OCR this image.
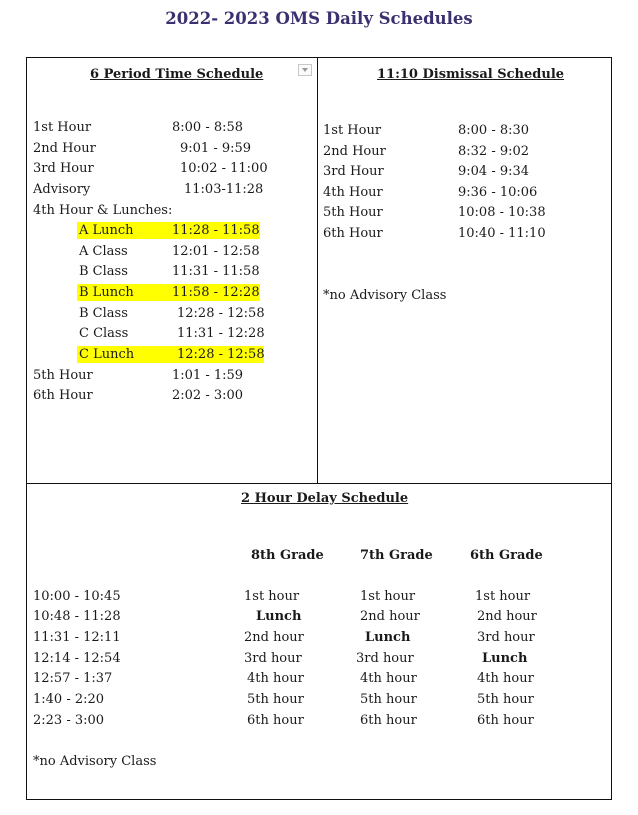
2022- 2023 OMS Daily Schedules
6 Period Time Schedule
1st Hour	8:00 - 8:58
2nd Hour	9:01 - 9:59
3rd Hour	10:02 - 11:00
Advisory	11:03-11:28
4th Hour & Lunches:
A Lunch	11:28 - 11:58
A Class	12:01 - 12:58
B Class	11:31 - 11:58
B Lunch	11:58 - 12:28
B Class	12:28 - 12:58
C Class	11:31 - 12:28
C Lunch	12:28 - 12:58
5th Hour	1:01 - 1:59
6th Hour	2:02 - 3:00
11:10 Dismissal Schedule
1st Hour	8:00 - 8:30
2nd Hour	8:32 - 9:02
3rd Hour	9:04 - 9:34
4th Hour	9:36 - 10:06
5th Hour	10:08 - 10:38
6th Hour	10:40 - 11:10
*no Advisory Class
2 Hour Delay Schedule
8th Grade	7th Grade	6th Grade
10:00 - 10:45	1st hour	1st hour	1st hour
10:48 - 11:28	Lunch	2nd hour	2nd hour
11:31 - 12:11	2nd hour	Lunch	3rd hour
12:14 - 12:54	3rd hour	3rd hour	Lunch
12:57 - 1:37	4th hour	4th hour	4th hour
1:40 - 2:20	5th hour	5th hour	5th hour
2:23 - 3:00	6th hour	6th hour	6th hour
*no Advisory Class
